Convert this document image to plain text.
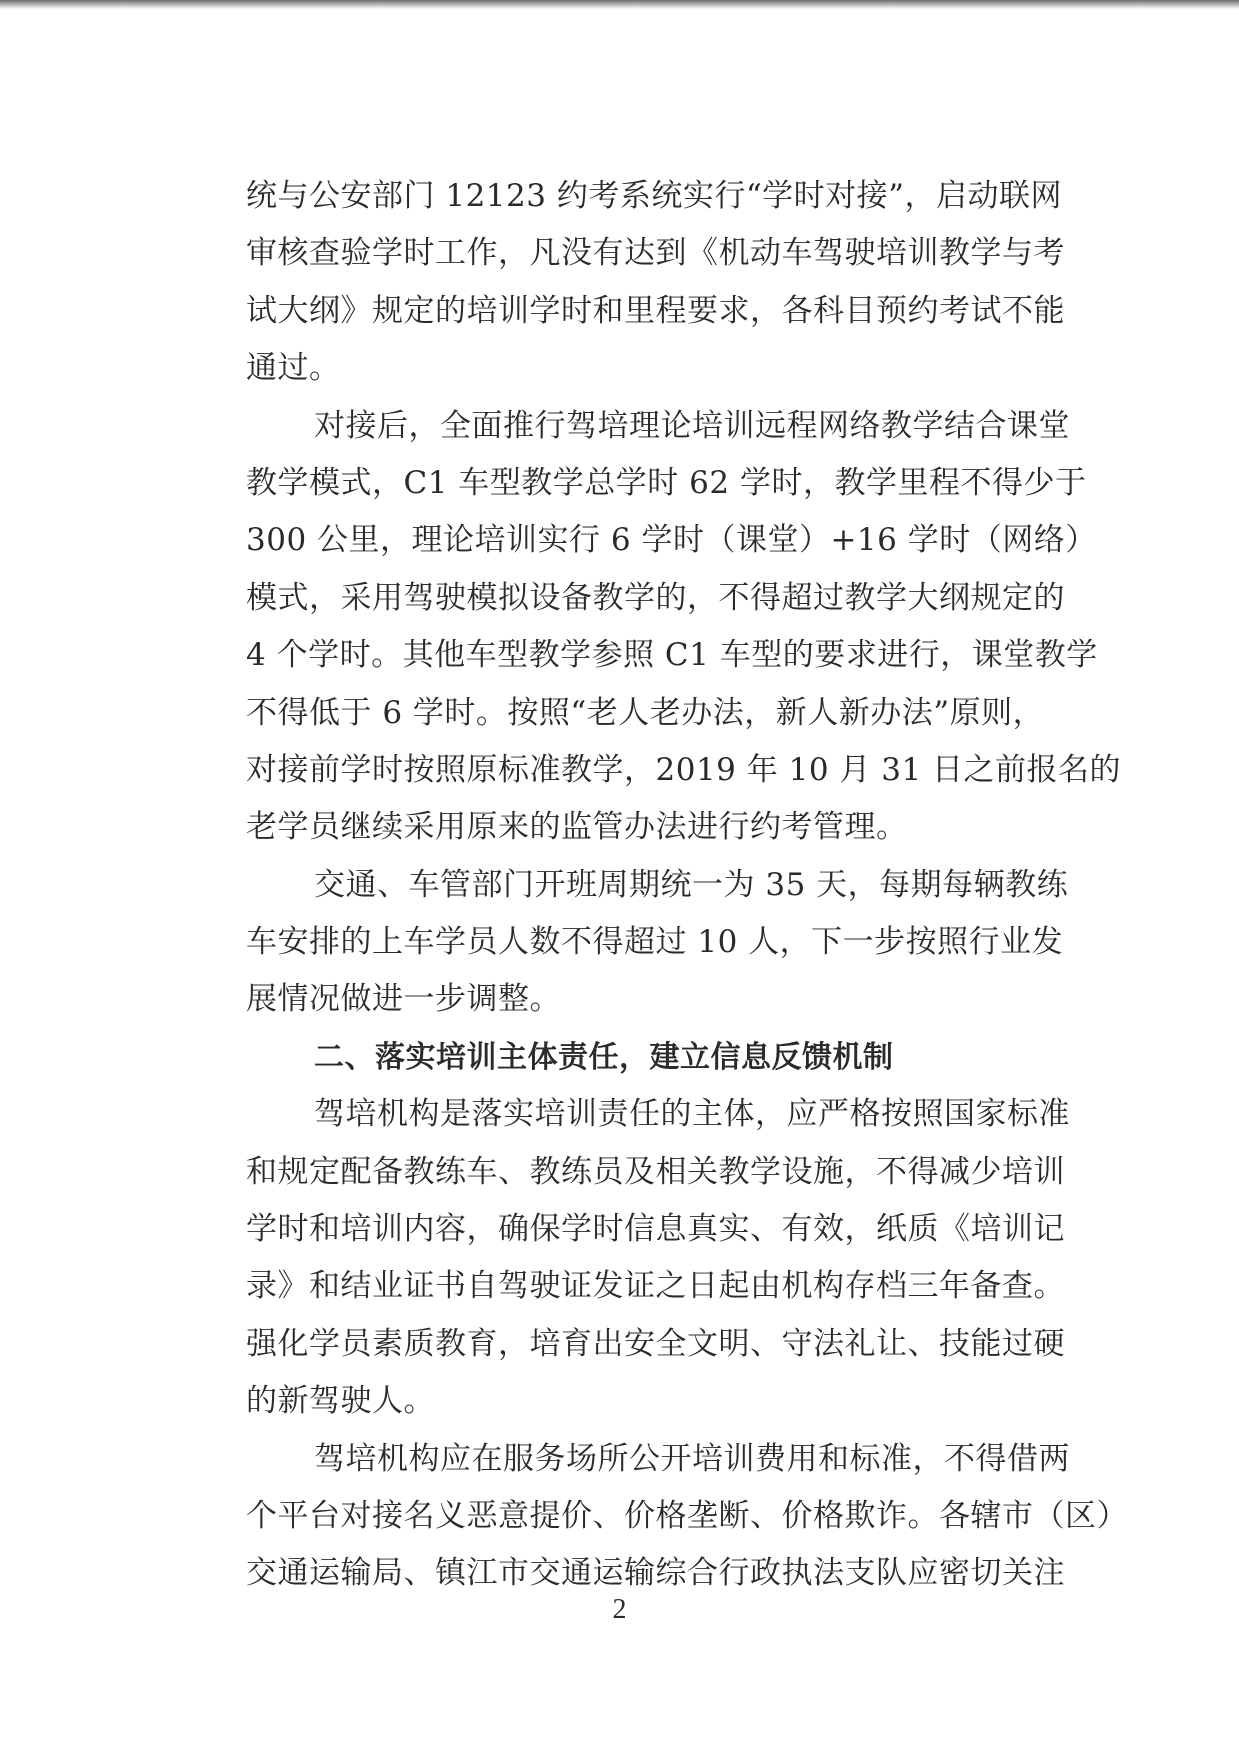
统与公安部门 12123 约考系统实行“学时对接”，启动联网
审核查验学时工作，凡没有达到《机动车驾驶培训教学与考
试大纲》规定的培训学时和里程要求，各科目预约考试不能
通过。
对接后，全面推行驾培理论培训远程网络教学结合课堂
教学模式，C1 车型教学总学时 62 学时，教学里程不得少于
300 公里，理论培训实行 6 学时（课堂）+16 学时（网络）
模式，采用驾驶模拟设备教学的，不得超过教学大纲规定的
4 个学时。其他车型教学参照 C1 车型的要求进行，课堂教学
不得低于 6 学时。按照“老人老办法，新人新办法”原则，
对接前学时按照原标准教学，2019 年 10 月 31 日之前报名的
老学员继续采用原来的监管办法进行约考管理。
交通、车管部门开班周期统一为 35 天，每期每辆教练
车安排的上车学员人数不得超过 10 人，下一步按照行业发
展情况做进一步调整。
二、落实培训主体责任，建立信息反馈机制
驾培机构是落实培训责任的主体，应严格按照国家标准
和规定配备教练车、教练员及相关教学设施，不得减少培训
学时和培训内容，确保学时信息真实、有效，纸质《培训记
录》和结业证书自驾驶证发证之日起由机构存档三年备查。
强化学员素质教育，培育出安全文明、守法礼让、技能过硬
的新驾驶人。
驾培机构应在服务场所公开培训费用和标准，不得借两
个平台对接名义恶意提价、价格垄断、价格欺诈。各辖市（区）
交通运输局、镇江市交通运输综合行政执法支队应密切关注
2
